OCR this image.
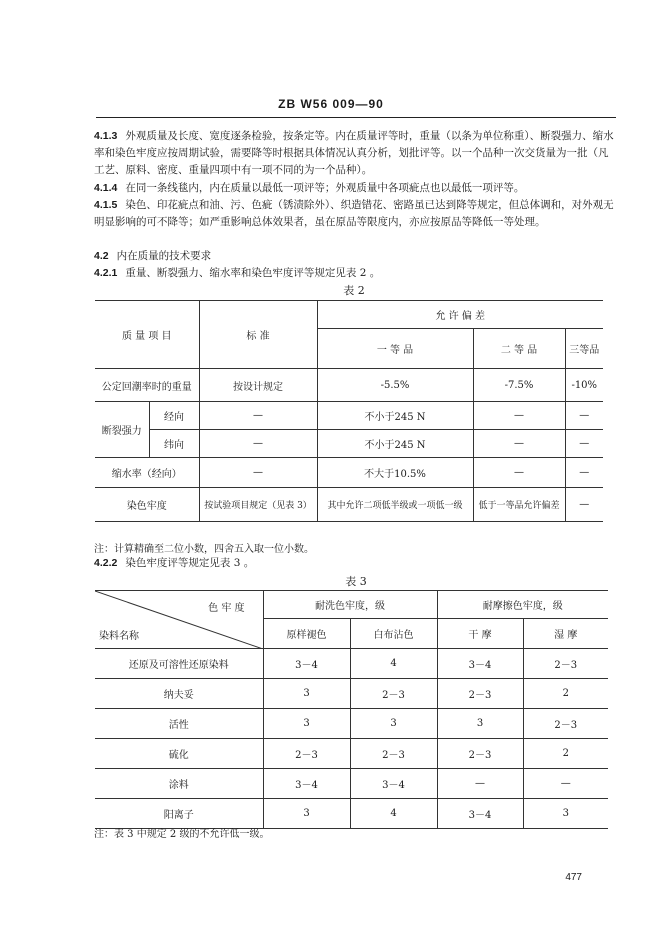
ZB W56 009—90
4.1.3 外观质量及长度、宽度逐条检验，按条定等。内在质量评等时，重量（以条为单位称重）、断裂强力、缩水率和染色牢度应按周期试验，需要降等时根据具体情况认真分析，划批评等。以一个品种一次交货量为一批（凡工艺、原料、密度、重量四项中有一项不同的为一个品种）。
4.1.4 在同一条线毯内，内在质量以最低一项评等；外观质量中各项疵点也以最低一项评等。
4.1.5 染色、印花疵点和油、污、色疵（锈渍除外）、织造错花、密路虽已达到降等规定，但总体调和，对外观无明显影响的可不降等；如严重影响总体效果者，虽在原品等限度内，亦应按原品等降低一等处理。
4.2 内在质量的技术要求
4.2.1 重量、断裂强力、缩水率和染色牢度评等规定见表 2 。
表 2
质 量 项 目		标 准	允 许 偏 差		
			一 等 品	二 等 品	三等品
公定回潮率时的重量		按设计规定	-5.5%	-7.5%	-10%
断裂强力	经向	—	不小于245 N	—	—
	纬向	—	不小于245 N	—	—
缩水率（经向）		—	不大于10.5%	—	—
染色牢度		按试验项目规定（见表 3）	其中允许二项低半级或一项低一级	低于一等品允许偏差	—
注：计算精确至二位小数，四舍五入取一位小数。
4.2.2 染色牢度评等规定见表 3 。
表 3
色 牢 度
染料名称	耐洗色牢度，级		耐摩擦色牢度，级	
	原样褪色	白布沾色	干 摩	湿 摩
还原及可溶性还原染料	3－4	4	3－4	2－3
纳夫妥	3	2－3	2－3	2
活性	3	3	3	2－3
硫化	2－3	2－3	2－3	2
涂料	3－4	3－4	—	—
阳离子	3	4	3－4	3
注：表 3 中规定 2 级的不允许低一级。
477
